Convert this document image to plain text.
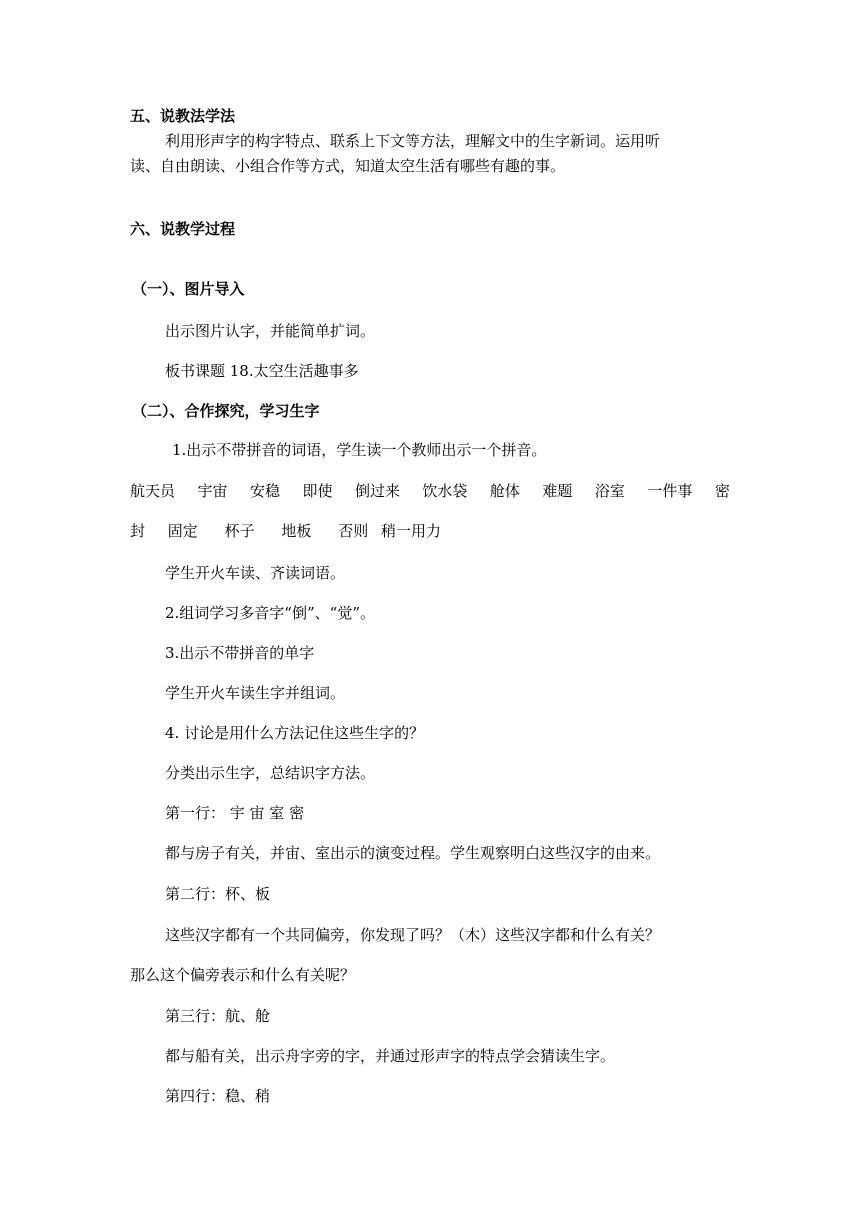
五、说教法学法
利用形声字的构字特点、联系上下文等方法，理解文中的生字新词。运用听
读、自由朗读、小组合作等方式，知道太空生活有哪些有趣的事。
六、说教学过程
（一）、图片导入
出示图片认字，并能简单扩词。
板书课题 18.太空生活趣事多
（二）、合作探究，学习生字
1.出示不带拼音的词语，学生读一个教师出示一个拼音。
航天员 宇宙 安稳 即使 倒过来 饮水袋 舱体 难题 浴室 一件事 密
封 固定 杯子 地板 否则 稍一用力
学生开火车读、齐读词语。
2.组词学习多音字“倒”、“觉”。
3.出示不带拼音的单字
学生开火车读生字并组词。
4. 讨论是用什么方法记住这些生字的？
分类出示生字，总结识字方法。
第一行： 宇 宙 室 密
都与房子有关，并宙、室出示的演变过程。学生观察明白这些汉字的由来。
第二行：杯、板
这些汉字都有一个共同偏旁，你发现了吗？（木）这些汉字都和什么有关？
那么这个偏旁表示和什么有关呢？
第三行：航、舱
都与船有关，出示舟字旁的字，并通过形声字的特点学会猜读生字。
第四行：稳、稍
